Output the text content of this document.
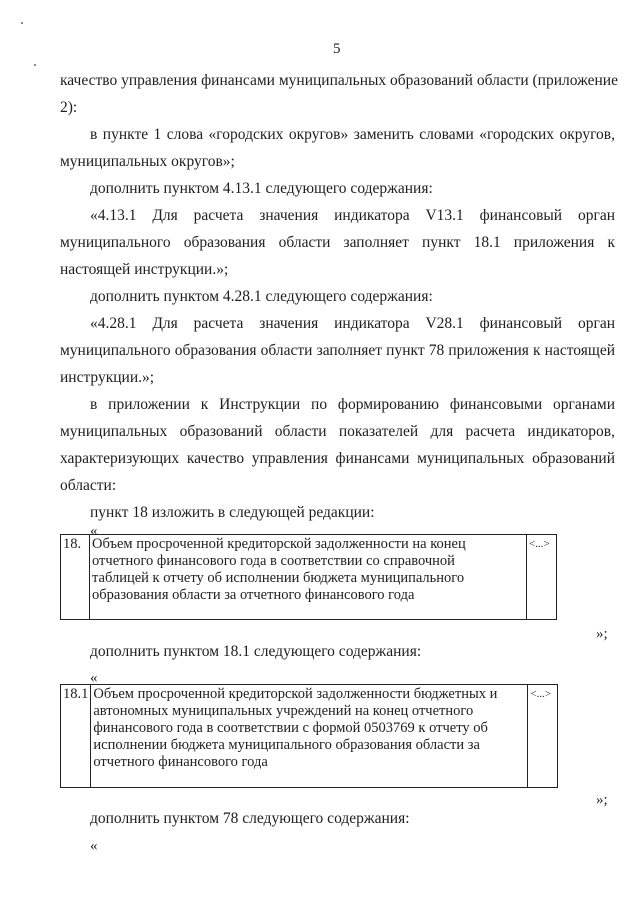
5
качество управления финансами муниципальных образований области (приложение
2):
в пункте 1 слова «городских округов» заменить словами «городских округов,
муниципальных округов»;
дополнить пунктом 4.13.1 следующего содержания:
«4.13.1 Для расчета значения индикатора V13.1 финансовый орган
муниципального образования области заполняет пункт 18.1 приложения к
настоящей инструкции.»;
дополнить пунктом 4.28.1 следующего содержания:
«4.28.1 Для расчета значения индикатора V28.1 финансовый орган
муниципального образования области заполняет пункт 78 приложения к настоящей
инструкции.»;
в приложении к Инструкции по формированию финансовыми органами
муниципальных образований области показателей для расчета индикаторов,
характеризующих качество управления финансами муниципальных образований
области:
пункт 18 изложить в следующей редакции:
«
18.	Объем просроченной кредиторской задолженности на конец
отчетного финансового года в соответствии со справочной
таблицей к отчету об исполнении бюджета муниципального
образования области за отчетного финансового года
	<...>
»;
дополнить пунктом 18.1 следующего содержания:
«
18.1	Объем просроченной кредиторской задолженности бюджетных и
автономных муниципальных учреждений на конец отчетного
финансового года в соответствии с формой 0503769 к отчету об
исполнении бюджета муниципального образования области за
отчетного финансового года
	<...>
»;
дополнить пунктом 78 следующего содержания:
«
